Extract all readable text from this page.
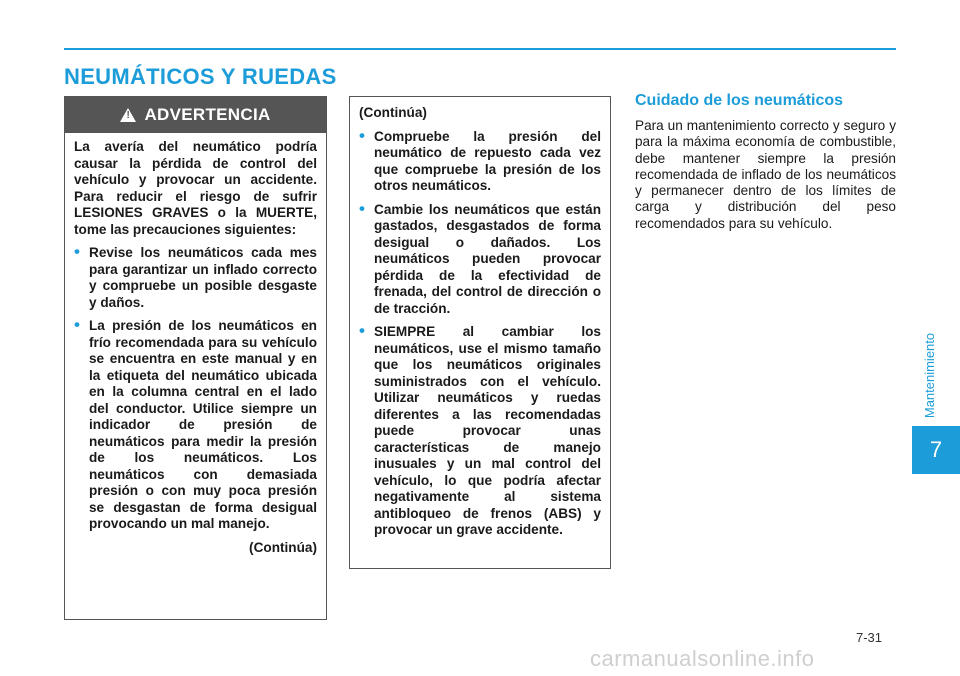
NEUMÁTICOS Y RUEDAS
!
ADVERTENCIA

La avería del neumático podría causar la pérdida de control del vehículo y provocar un accidente. Para reducir el riesgo de sufrir LESIONES GRAVES o la MUERTE, tome las precauciones siguientes:

• Revise los neumáticos cada mes para garantizar un inflado correcto y compruebe un posible desgaste y daños.
• La presión de los neumáticos en frío recomendada para su vehículo se encuentra en este manual y en la etiqueta del neumático ubicada en la columna central en el lado del conductor. Utilice siempre un indicador de presión de neumáticos para medir la presión de los neumáticos. Los neumáticos con demasiada presión o con muy poca presión se desgastan de forma desigual provocando un mal manejo.
(Continúa)

(Continúa)

• Compruebe la presión del neumático de repuesto cada vez que compruebe la presión de los otros neumáticos.
• Cambie los neumáticos que están gastados, desgastados de forma desigual o dañados. Los neumáticos pueden provocar pérdida de la efectividad de frenada, del control de dirección o de tracción.
• SIEMPRE al cambiar los neumáticos, use el mismo tamaño que los neumáticos originales suministrados con el vehículo. Utilizar neumáticos y ruedas diferentes a las recomendadas puede provocar unas características de manejo inusuales y un mal control del vehículo, lo que podría afectar negativamente al sistema antibloqueo de frenos (ABS) y provocar un grave accidente.
Cuidado de los neumáticos

Para un mantenimiento correcto y seguro y para la máxima economía de combustible, debe mantener siempre la presión recomendada de inflado de los neumáticos y permanecer dentro de los límites de carga y distribución del peso recomendados para su vehículo.

Mantenimiento
7
7-31
carmanualsonline.info
